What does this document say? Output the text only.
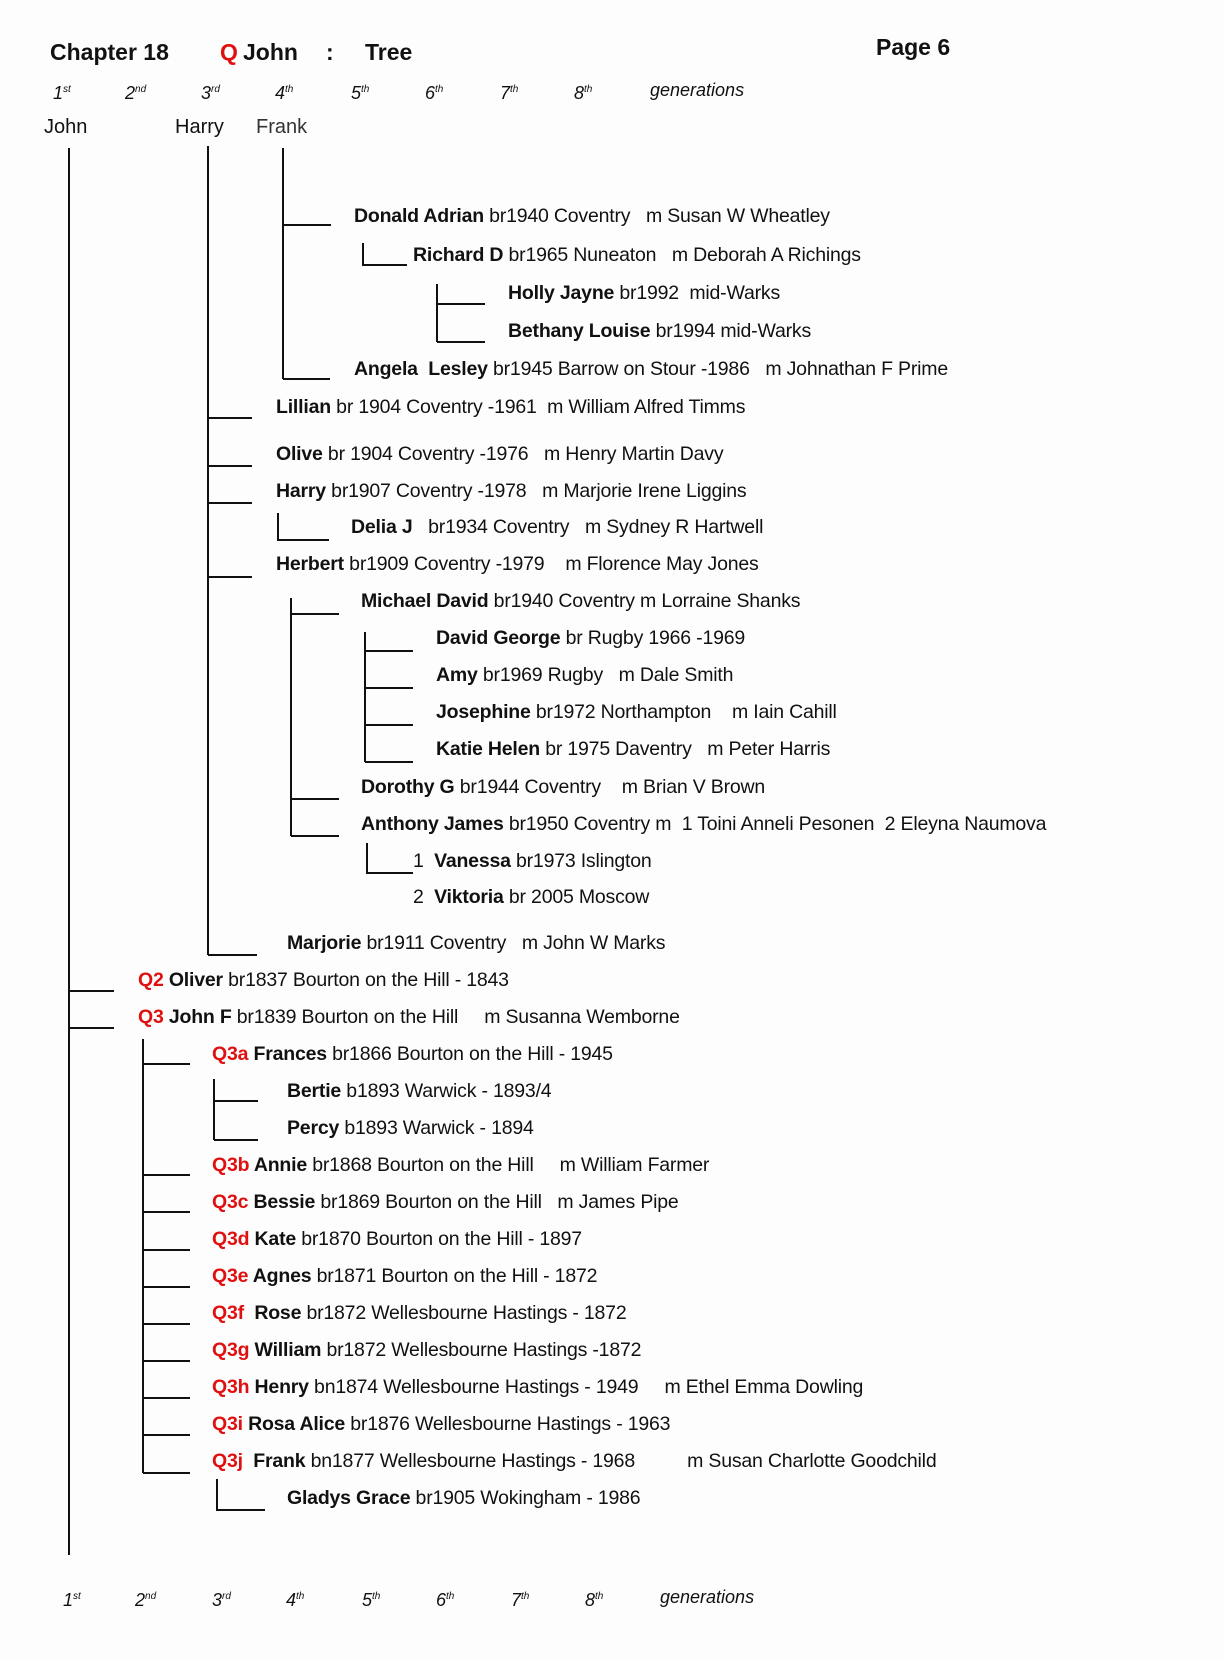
Chapter 18 Q John : Tree	Page 6
1st	2nd	3rd	4th	5th	6th	7th	8th	generations
1st	2nd	3rd	4th	5th	6th	7th	8th	generations
John	Harry Frank
Donald Adrian br1940 Coventry   m Susan W Wheatley
Richard D br1965 Nuneaton   m Deborah A Richings
Holly Jayne br1992  mid-Warks
Bethany Louise br1994 mid-Warks
Angela  Lesley br1945 Barrow on Stour -1986   m Johnathan F Prime
Lillian br 1904 Coventry -1961  m William Alfred Timms
Olive br 1904 Coventry -1976   m Henry Martin Davy
Harry br1907 Coventry -1978   m Marjorie Irene Liggins
Delia J   br1934 Coventry   m Sydney R Hartwell
Herbert br1909 Coventry -1979    m Florence May Jones
Michael David br1940 Coventry m Lorraine Shanks
David George br Rugby 1966 -1969
Amy br1969 Rugby   m Dale Smith
Josephine br1972 Northampton    m Iain Cahill
Katie Helen br 1975 Daventry   m Peter Harris
Dorothy G br1944 Coventry    m Brian V Brown
Anthony James br1950 Coventry m  1 Toini Anneli Pesonen  2 Eleyna Naumova
1  Vanessa br1973 Islington
2  Viktoria br 2005 Moscow
Marjorie br1911 Coventry   m John W Marks
Q2 Oliver br1837 Bourton on the Hill - 1843
Q3 John F br1839 Bourton on the Hill     m Susanna Wemborne
Q3a Frances br1866 Bourton on the Hill - 1945
Bertie b1893 Warwick - 1893/4
Percy b1893 Warwick - 1894
Q3b Annie br1868 Bourton on the Hill     m William Farmer
Q3c Bessie br1869 Bourton on the Hill   m James Pipe
Q3d Kate br1870 Bourton on the Hill - 1897
Q3e Agnes br1871 Bourton on the Hill - 1872
Q3f  Rose br1872 Wellesbourne Hastings - 1872
Q3g William br1872 Wellesbourne Hastings -1872
Q3h Henry bn1874 Wellesbourne Hastings - 1949     m Ethel Emma Dowling
Q3i Rosa Alice br1876 Wellesbourne Hastings - 1963
Q3j  Frank bn1877 Wellesbourne Hastings - 1968          m Susan Charlotte Goodchild
Gladys Grace br1905 Wokingham - 1986
